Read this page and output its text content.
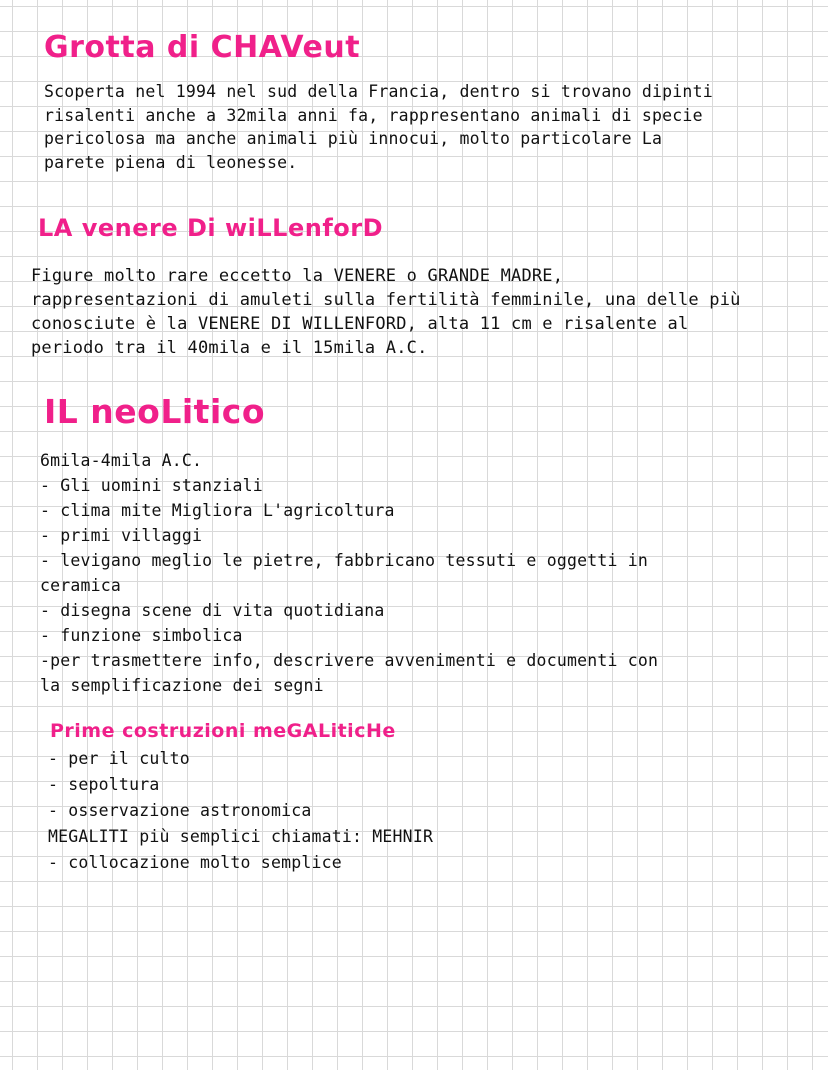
Grotta di CHAVeut
Scoperta nel 1994 nel sud della Francia, dentro si trovano dipinti
risalenti anche a 32mila anni fa, rappresentano animali di specie
pericolosa ma anche animali più innocui, molto particolare La
parete piena di leonesse.
LA venere Di wiLLenforD
Figure molto rare eccetto la VENERE o GRANDE MADRE,
rappresentazioni di amuleti sulla fertilità femminile, una delle più
conosciute è la VENERE DI WILLENFORD, alta 11 cm e risalente al
periodo tra il 40mila e il 15mila A.C.
IL neoLitico
6mila-4mila A.C.
- Gli uomini stanziali
- clima mite Migliora L'agricoltura
- primi villaggi
- levigano meglio le pietre, fabbricano tessuti e oggetti in
ceramica
- disegna scene di vita quotidiana
- funzione simbolica
-per trasmettere info, descrivere avvenimenti e documenti con
la semplificazione dei segni
Prime costruzioni meGALiticHe
- per il culto
- sepoltura
- osservazione astronomica
MEGALITI più semplici chiamati: MEHNIR
- collocazione molto semplice
